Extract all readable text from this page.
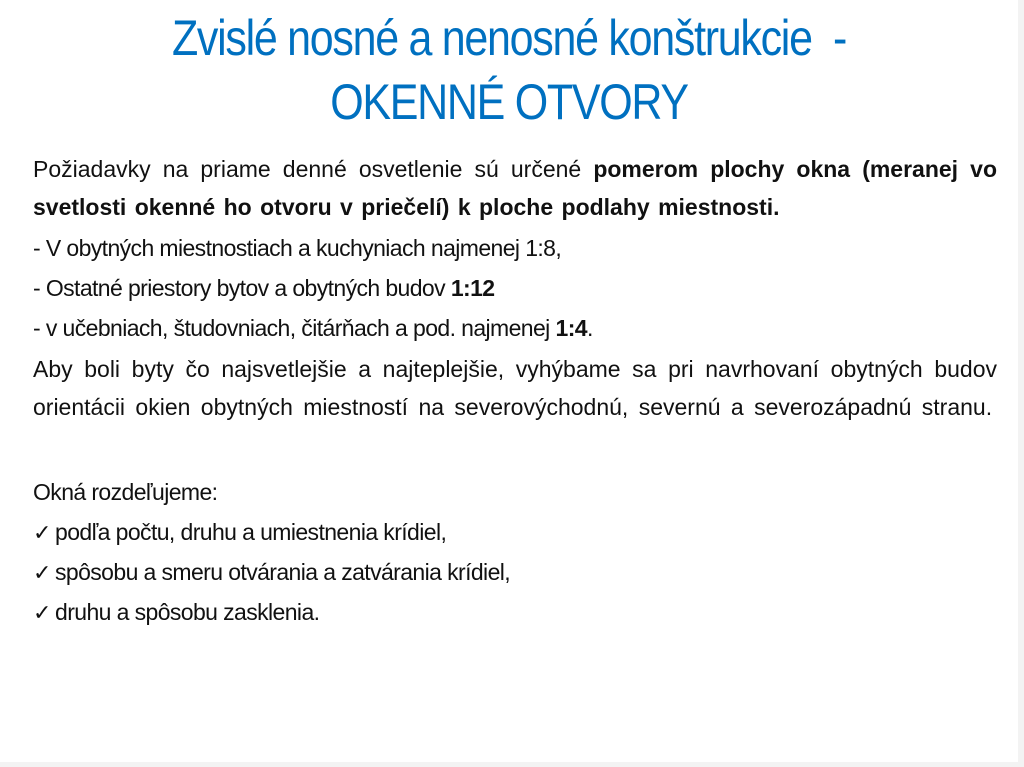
Zvislé nosné a nenosné konštrukcie  -
OKENNÉ OTVORY

Požiadavky na priame denné osvetlenie sú určené pomerom plochy okna (meranej vo svetlosti okenné ho otvoru v priečelí) k ploche podlahy miestnosti.

- V obytných miestnostiach a kuchyniach najmenej 1:8,
- Ostatné priestory bytov a obytných budov 1:12
- v učebniach, študovniach, čitárňach a pod. najmenej 1:4.

Aby boli byty čo najsvetlejšie a najteplejšie, vyhýbame sa pri navrhovaní obytných budov orientácii okien obytných miestností na severovýchodnú, severnú a severozápadnú stranu.

Okná rozdeľujeme:
✓ podľa počtu, druhu a umiestnenia krídiel,
✓ spôsobu a smeru otvárania a zatvárania krídiel,
✓ druhu a spôsobu zasklenia.
